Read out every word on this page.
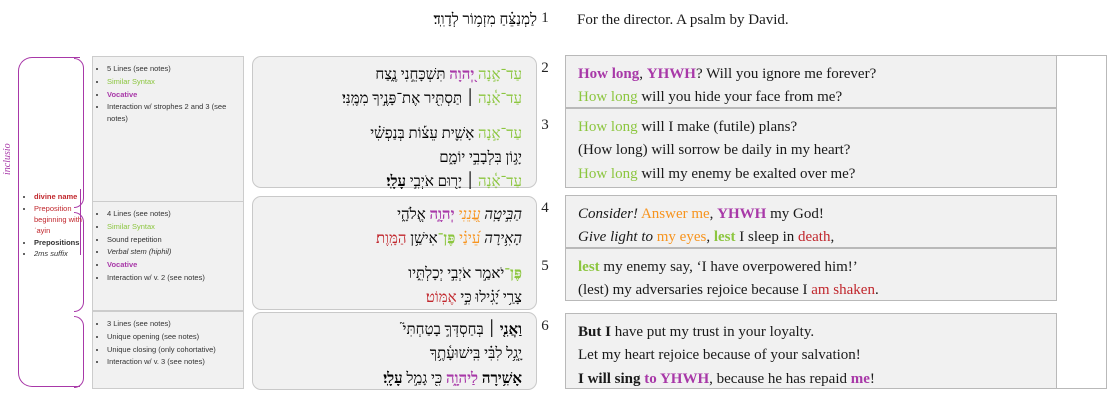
inclusio
• divine name
• Preposition beginning with ʿayin
• Prepositions
• 2ms suffix
• 5 Lines (see notes)
• Similar Syntax
• Vocative
• Interaction w/ strophes 2 and 3 (see notes)
• 4 Lines (see notes)
• Similar Syntax
• Sound repetition
• Verbal stem (hiphil)
• Vocative
• Interaction w/ v. 2 (see notes)
• 3 Lines (see notes)
• Unique opening (see notes)
• Unique closing (only cohortative)
• Interaction w/ v. 3 (see notes)
לַמְנַצֵּ֗חַ מִזְמ֥וֹר לְדָוִֽד׃
עַד־אָ֣נָה יְ֭הוָה תִּשְׁכָּחֵ֣נִי נֶ֑צַח
עַד־אָ֓נָה ׀ תַּסְתִּ֖יר אֶת־פָּנֶ֣יךָ מִמֶּֽנִּי׃
עַד־אָ֣נָה אָשִׁ֪ית עֵצ֡וֹת בְּנַפְשִׁ֗י
יָג֣וֹן בִּלְבָבִ֣י יוֹמָ֑ם
עַד־אָ֓נָה ׀ יָר֖וּם אֹיְבִ֣י עָלָֽי׃
הַבִּ֣יטָֽה עֲ֭נֵנִי יְהוָ֣ה אֱלֹהָ֑י
הָאִ֥ירָה עֵ֝ינַ֗י פֶּן־אִישַׁ֥ן הַמָּֽוֶת׃
פֶּן־יֹאמַ֣ר אֹיְבִ֣י יְכָלְתִּ֑יו
צָרַ֥י יָ֝גִ֗ילוּ כִּ֣י אֶמּֽוֹט׃
וַאֲנִ֤י ׀ בְּחַסְדְּךָ֣ בָטַחְתִּי֮
יָ֤גֵ֥ל לִבִּ֗י בִּֽישׁוּעָ֫תֶ֥ךָ
אָשִׁ֥ירָה לַיהוָ֑ה כִּ֖י גָמַ֣ל עָלָֽי׃
1
2
3
4
5
6
For the director. A psalm by David.
How long, YHWH? Will you ignore me forever?
How long will you hide your face from me?
How long will I make (futile) plans?
(How long) will sorrow be daily in my heart?
How long will my enemy be exalted over me?
Consider! Answer me, YHWH my God!
Give light to my eyes, lest I sleep in death,
lest my enemy say, ‘I have overpowered him!’
(lest) my adversaries rejoice because I am shaken.
But I have put my trust in your loyalty.
Let my heart rejoice because of your salvation!
I will sing to YHWH, because he has repaid me!
